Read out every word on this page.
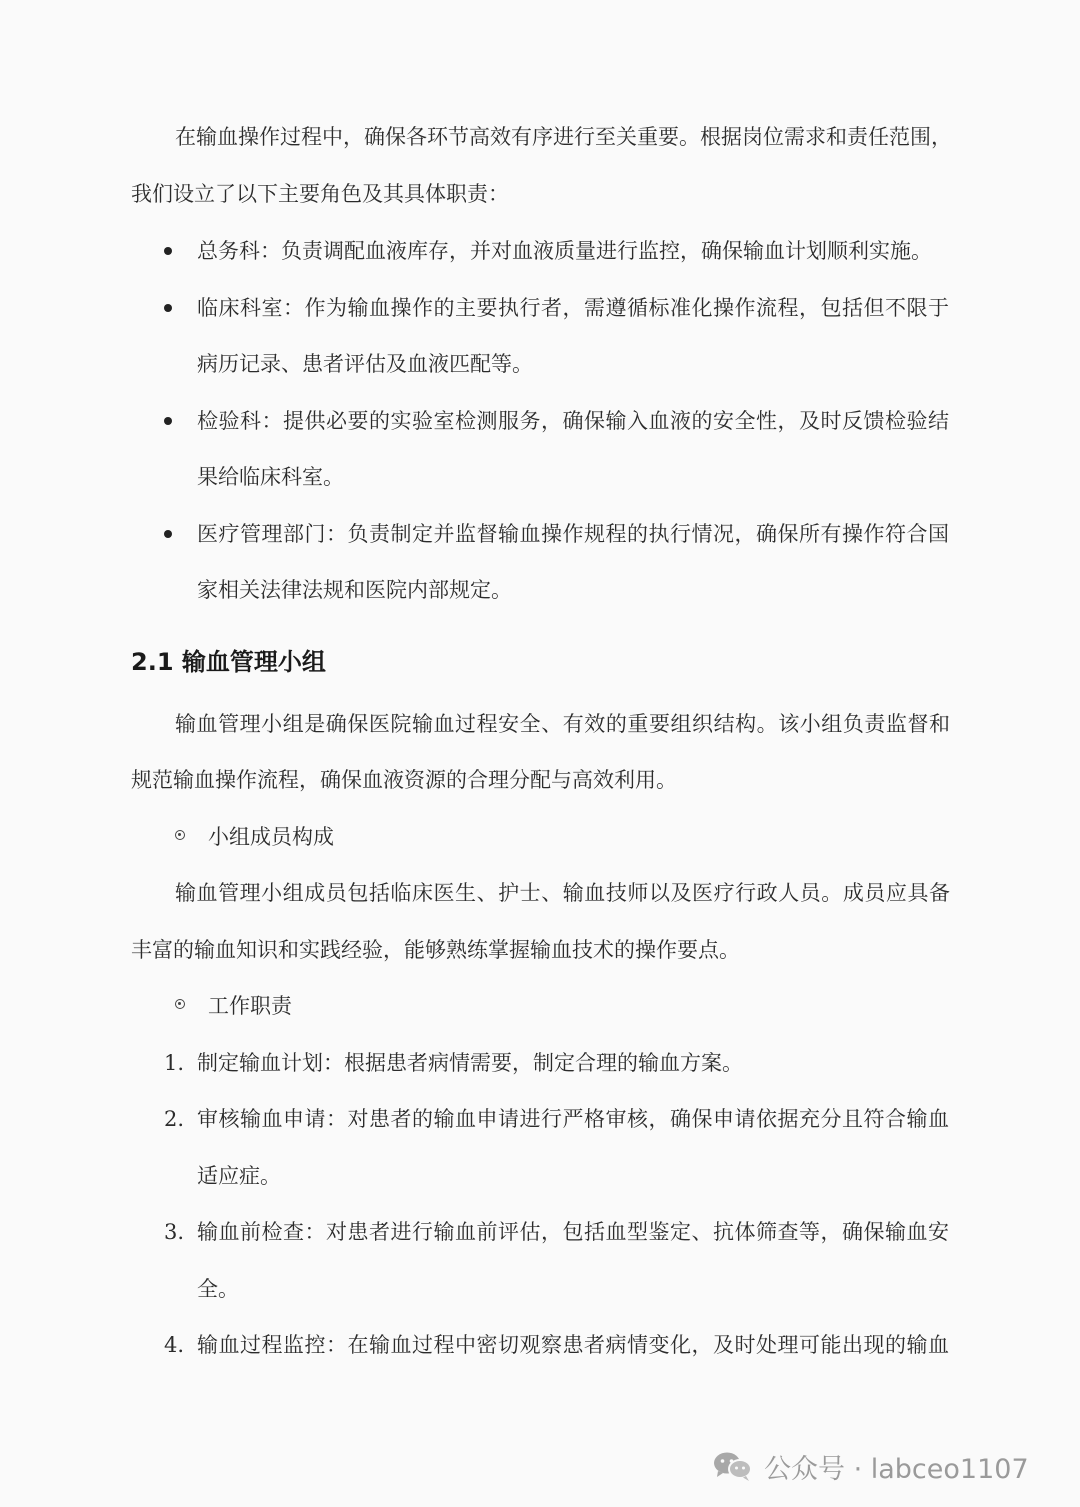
在输血操作过程中，确保各环节高效有序进行至关重要。根据岗位需求和责任范围，
我们设立了以下主要角色及其具体职责：
总务科：负责调配血液库存，并对血液质量进行监控，确保输血计划顺利实施。
临床科室：作为输血操作的主要执行者，需遵循标准化操作流程，包括但不限于
病历记录、患者评估及血液匹配等。
检验科：提供必要的实验室检测服务，确保输入血液的安全性，及时反馈检验结
果给临床科室。
医疗管理部门：负责制定并监督输血操作规程的执行情况，确保所有操作符合国
家相关法律法规和医院内部规定。
2.1 输血管理小组
输血管理小组是确保医院输血过程安全、有效的重要组织结构。该小组负责监督和
规范输血操作流程，确保血液资源的合理分配与高效利用。
小组成员构成
输血管理小组成员包括临床医生、护士、输血技师以及医疗行政人员。成员应具备
丰富的输血知识和实践经验，能够熟练掌握输血技术的操作要点。
工作职责
1. 制定输血计划：根据患者病情需要，制定合理的输血方案。
2. 审核输血申请：对患者的输血申请进行严格审核，确保申请依据充分且符合输血
适应症。
3. 输血前检查：对患者进行输血前评估，包括血型鉴定、抗体筛查等，确保输血安
全。
4. 输血过程监控：在输血过程中密切观察患者病情变化，及时处理可能出现的输血
公众号 · labceo1107
